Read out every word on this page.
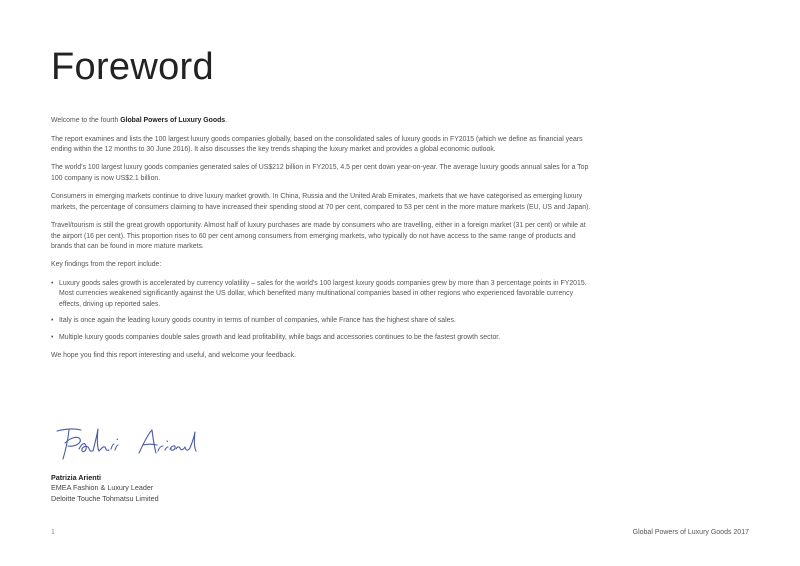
Foreword

Welcome to the fourth Global Powers of Luxury Goods.

The report examines and lists the 100 largest luxury goods companies globally, based on the consolidated sales of luxury goods in FY2015 (which we define as financial years ending within the 12 months to 30 June 2016). It also discusses the key trends shaping the luxury market and provides a global economic outlook.

The world's 100 largest luxury goods companies generated sales of US$212 billion in FY2015, 4.5 per cent down year-on-year. The average luxury goods annual sales for a Top 100 company is now US$2.1 billion.

Consumers in emerging markets continue to drive luxury market growth. In China, Russia and the United Arab Emirates, markets that we have categorised as emerging luxury markets, the percentage of consumers claiming to have increased their spending stood at 70 per cent, compared to 53 per cent in the more mature markets (EU, US and Japan).

Travel/tourism is still the great growth opportunity. Almost half of luxury purchases are made by consumers who are travelling, either in a foreign market (31 per cent) or while at the airport (16 per cent). This proportion rises to 60 per cent among consumers from emerging markets, who typically do not have access to the same range of products and brands that can be found in more mature markets.

Key findings from the report include:

• Luxury goods sales growth is accelerated by currency volatility – sales for the world's 100 largest luxury goods companies grew by more than 3 percentage points in FY2015. Most currencies weakened significantly against the US dollar, which benefited many multinational companies based in other regions who experienced favorable currency effects, driving up reported sales.
• Italy is once again the leading luxury goods country in terms of number of companies, while France has the highest share of sales.
• Multiple luxury goods companies double sales growth and lead profitability, while bags and accessories continues to be the fastest growth sector.

We hope you find this report interesting and useful, and welcome your feedback.

Patrizia Arienti
EMEA Fashion & Luxury Leader
Deloitte Touche Tohmatsu Limited
1	Global Powers of Luxury Goods 2017
